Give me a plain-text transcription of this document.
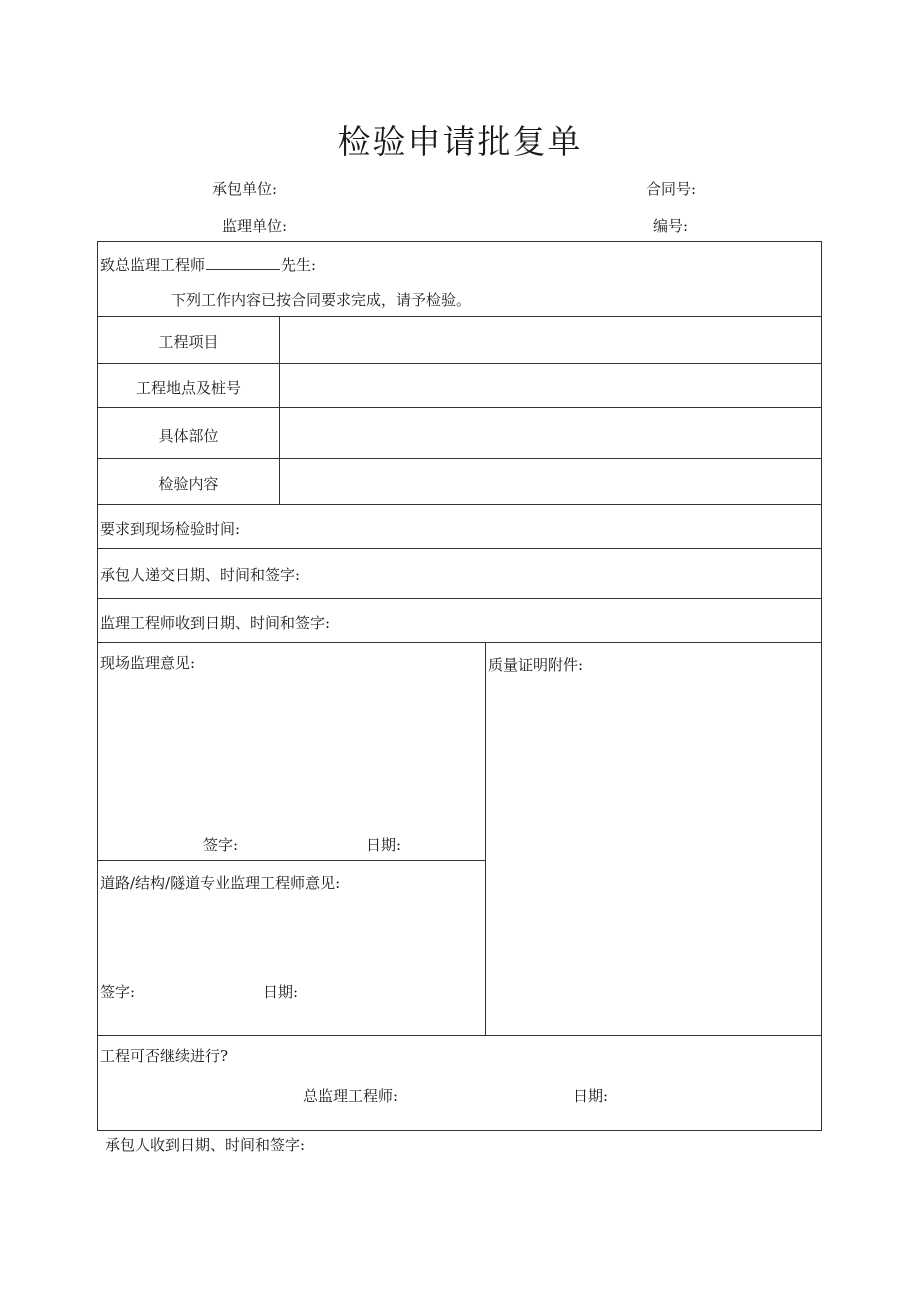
检验申请批复单
承包单位:	合同号:
监理单位:	编号:
致总监理工程师	先生:
下列工作内容已按合同要求完成，请予检验。
工程项目
工程地点及桩号
具体部位
检验内容
要求到现场检验时间:
承包人递交日期、时间和签字:
监理工程师收到日期、时间和签字:
现场监理意见:
签字:	日期:
质量证明附件:
道路/结构/隧道专业监理工程师意见:
签字:	日期:
工程可否继续进行?
总监理工程师:	日期:
承包人收到日期、时间和签字:
